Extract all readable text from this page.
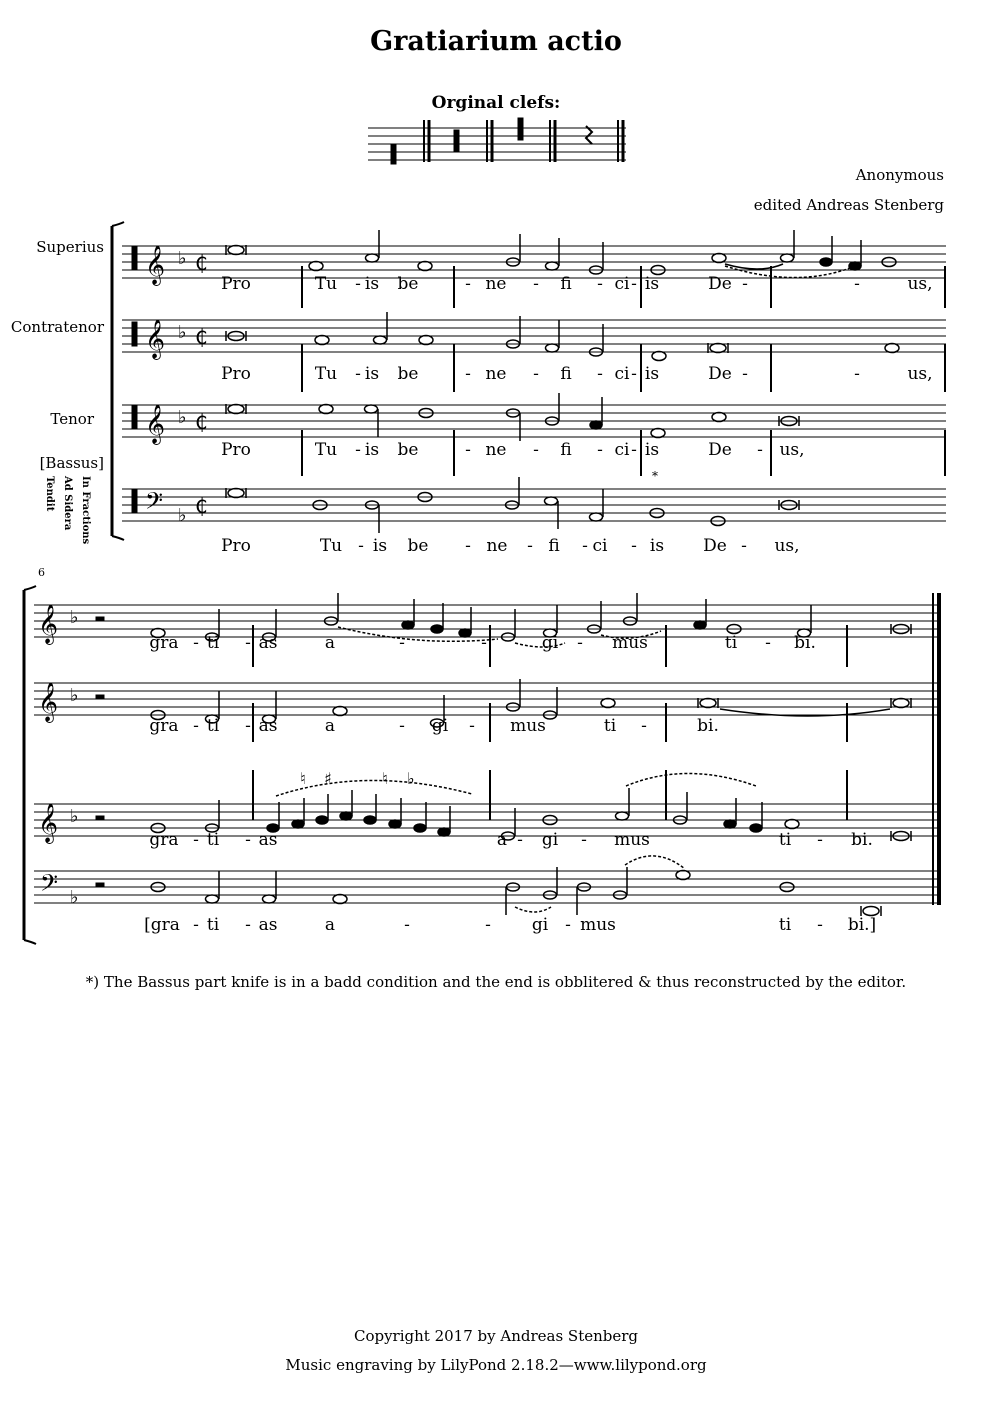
Gratiarium actio
Orginal clefs:
𝄞
𝄞
𝄞
𝄢
♭
♭
♭
♭
₵
₵
₵
₵
𝄞
𝄞
𝄞
𝄢
♭
♭
♭
♭
♮ ♯	♮ ♭
Anonymous
edited Andreas Stenberg
Superius
Contratenor
Tenor
[Bassus]
In Fractions
Ad Sidera
Tendit
6
Pro	Tu	- is	be	- ne	-	fi	- ci - is	De -	-	us,
Pro	Tu	- is	be	- ne	-	fi	- ci - is	De -	-	us,
Pro	Tu	- is	be	- ne	-	fi	- ci - is	De	- us,
Pro	Tu - is	be	- ne	- fi	- ci	- is	De -	us,
gra - ti	- as	a	-	-	gi	-	mus	ti	-	bi.
gra - ti	- as	a	-	gi	-	mus	ti	-	bi.
gra - ti	- as	a -	gi	-	mus	ti	-	bi.
[gra - ti	- as	a	-	-	gi - mus	ti	-	bi.]
*
*) The Bassus part knife is in a badd condition and the end is obblitered & thus reconstructed by the editor.
Copyright 2017 by Andreas Stenberg
Music engraving by LilyPond 2.18.2—www.lilypond.org
